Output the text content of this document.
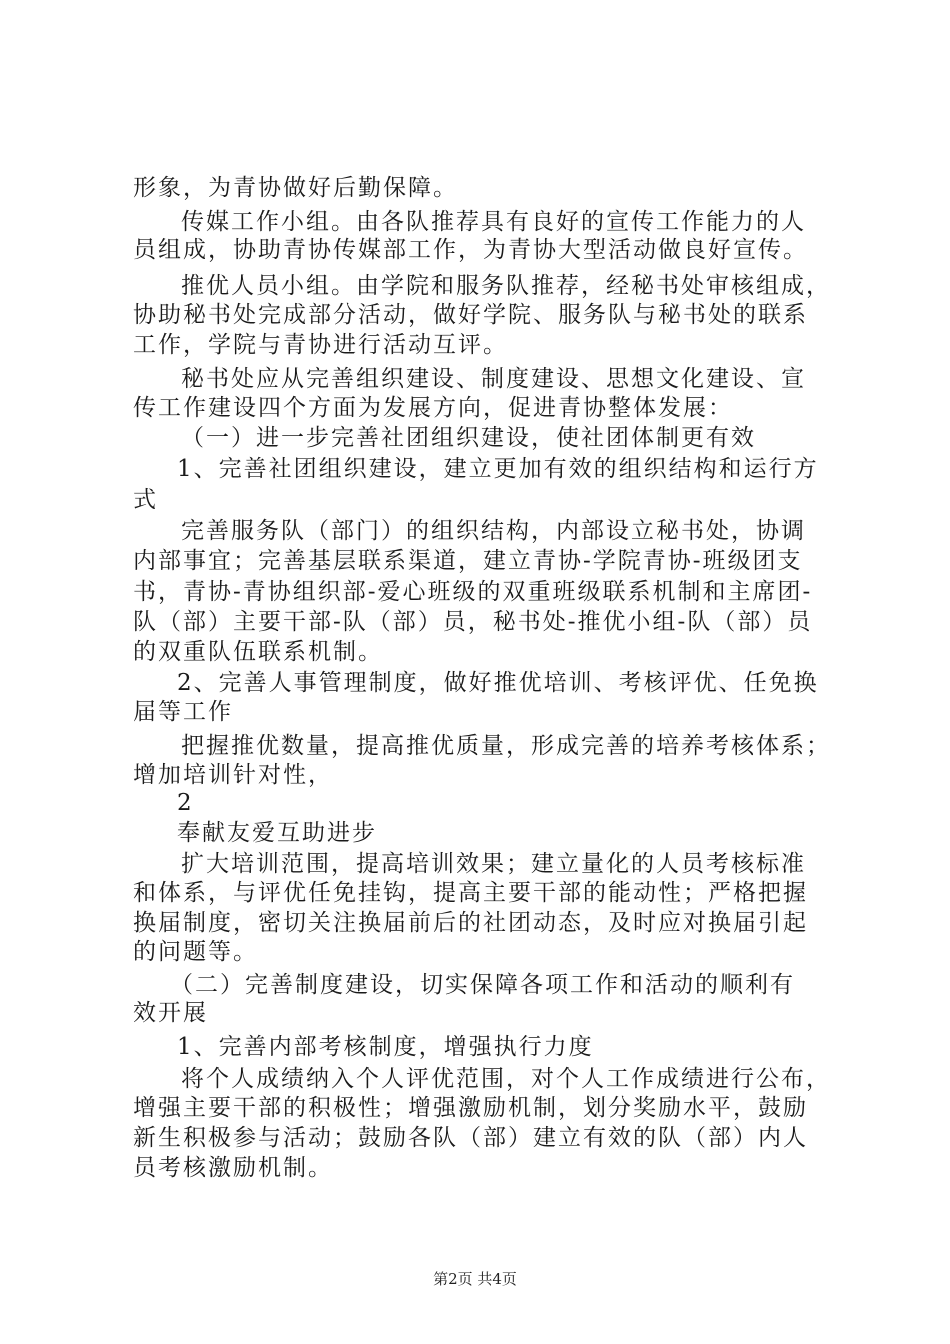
形象，为青协做好后勤保障。
传媒工作小组。由各队推荐具有良好的宣传工作能力的人
员组成，协助青协传媒部工作，为青协大型活动做良好宣传。
推优人员小组。由学院和服务队推荐，经秘书处审核组成，
协助秘书处完成部分活动，做好学院、服务队与秘书处的联系
工作，学院与青协进行活动互评。
秘书处应从完善组织建设、制度建设、思想文化建设、宣
传工作建设四个方面为发展方向，促进青协整体发展：
（一）进一步完善社团组织建设，使社团体制更有效
1、完善社团组织建设，建立更加有效的组织结构和运行方
式
完善服务队（部门）的组织结构，内部设立秘书处，协调
内部事宜；完善基层联系渠道，建立青协-学院青协-班级团支
书，青协-青协组织部-爱心班级的双重班级联系机制和主席团-
队（部）主要干部-队（部）员，秘书处-推优小组-队（部）员
的双重队伍联系机制。
2、完善人事管理制度，做好推优培训、考核评优、任免换
届等工作
把握推优数量，提高推优质量，形成完善的培养考核体系；
增加培训针对性，
2
奉献友爱互助进步
扩大培训范围，提高培训效果；建立量化的人员考核标准
和体系，与评优任免挂钩，提高主要干部的能动性；严格把握
换届制度，密切关注换届前后的社团动态，及时应对换届引起
的问题等。
（二）完善制度建设，切实保障各项工作和活动的顺利有
效开展
1、完善内部考核制度，增强执行力度
将个人成绩纳入个人评优范围，对个人工作成绩进行公布，
增强主要干部的积极性；增强激励机制，划分奖励水平，鼓励
新生积极参与活动；鼓励各队（部）建立有效的队（部）内人
员考核激励机制。
第2页 共4页
